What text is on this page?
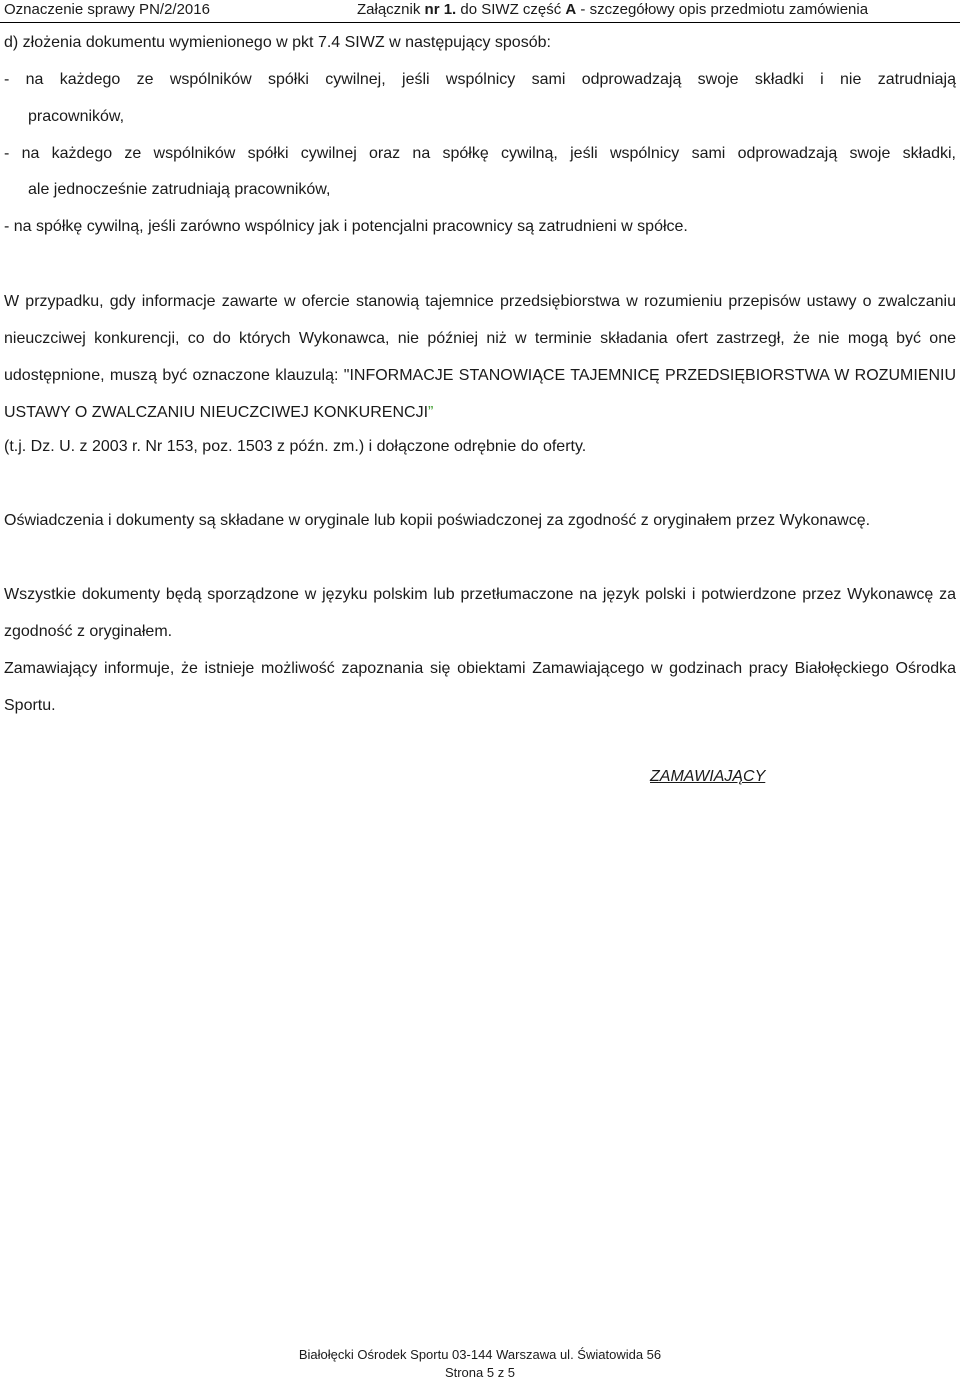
Oznaczenie sprawy PN/2/2016	Załącznik nr 1. do SIWZ część A - szczegółowy opis przedmiotu zamówienia
d) złożenia dokumentu wymienionego w pkt 7.4 SIWZ w następujący sposób:
- na każdego ze wspólników spółki cywilnej, jeśli wspólnicy sami odprowadzają swoje składki i nie zatrudniają
pracowników,
- na każdego ze wspólników spółki cywilnej oraz na spółkę cywilną, jeśli wspólnicy sami odprowadzają swoje składki,
ale jednocześnie zatrudniają pracowników,
- na spółkę cywilną, jeśli zarówno wspólnicy jak i potencjalni pracownicy są zatrudnieni w spółce.
W przypadku, gdy informacje zawarte w ofercie stanowią tajemnice przedsiębiorstwa w rozumieniu przepisów ustawy o zwalczaniu nieuczciwej konkurencji, co do których Wykonawca, nie później niż w terminie składania ofert zastrzegł, że nie mogą być one udostępnione, muszą być oznaczone klauzulą: "INFORMACJE STANOWIĄCE TAJEMNICĘ PRZEDSIĘBIORSTWA W ROZUMIENIU USTAWY O ZWALCZANIU NIEUCZCIWEJ KONKURENCJI”
(t.j. Dz. U. z 2003 r. Nr 153, poz. 1503 z późn. zm.) i dołączone odrębnie do oferty.
Oświadczenia i dokumenty są składane w oryginale lub kopii poświadczonej za zgodność z oryginałem przez Wykonawcę.
Wszystkie dokumenty będą sporządzone w języku polskim lub przetłumaczone na język polski i potwierdzone przez Wykonawcę za zgodność z oryginałem.
Zamawiający informuje, że istnieje możliwość zapoznania się obiektami Zamawiającego w godzinach pracy Białołęckiego Ośrodka Sportu.
ZAMAWIAJĄCY
Białołęcki Ośrodek Sportu 03-144 Warszawa ul. Światowida 56
Strona 5 z 5
